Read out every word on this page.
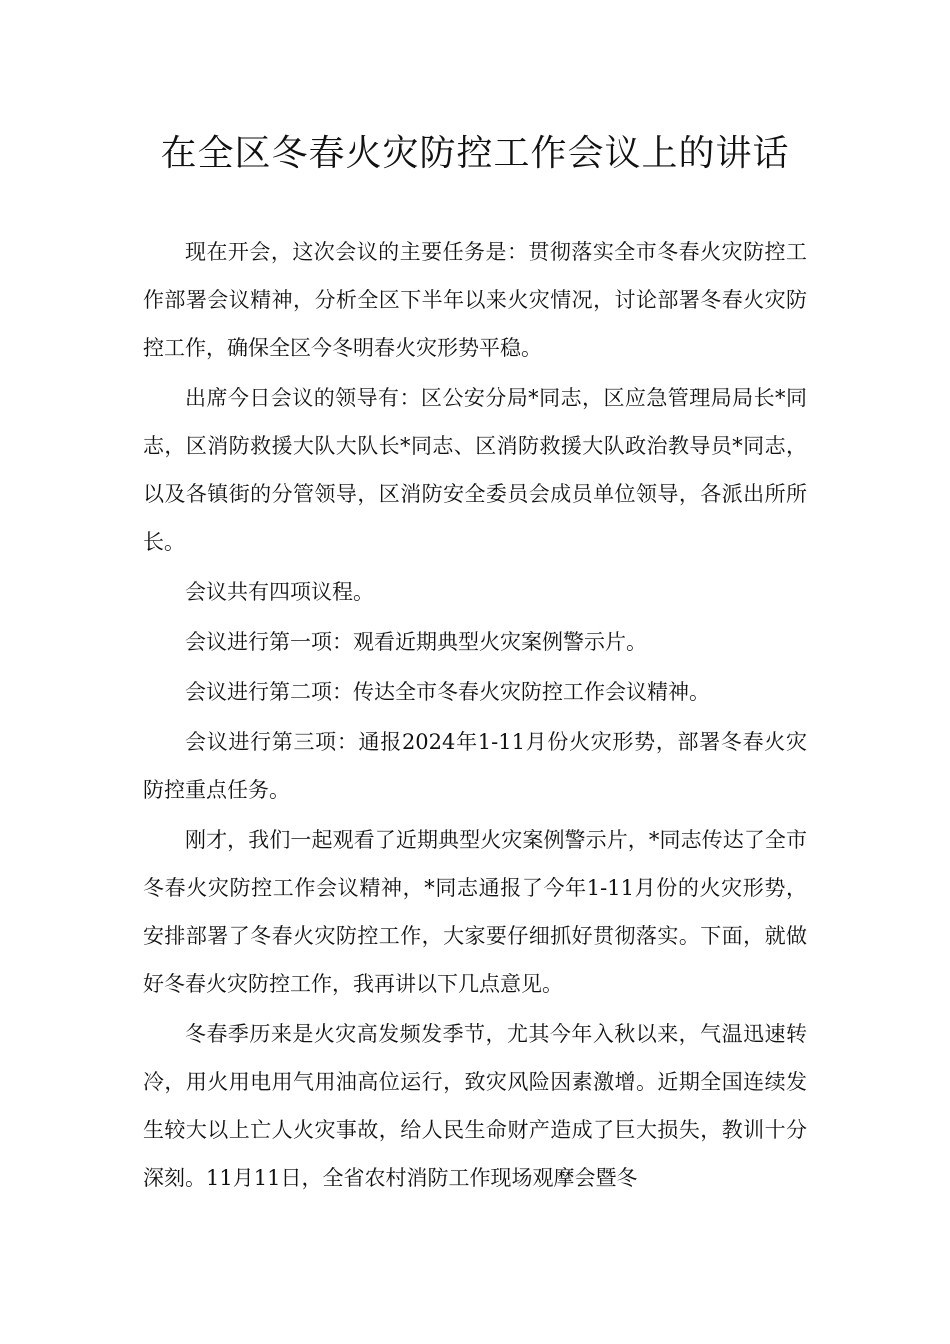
在全区冬春火灾防控工作会议上的讲话

现在开会，这次会议的主要任务是：贯彻落实全市冬春火灾防控工作部署会议精神，分析全区下半年以来火灾情况，讨论部署冬春火灾防控工作，确保全区今冬明春火灾形势平稳。

出席今日会议的领导有：区公安分局*同志，区应急管理局局长*同志，区消防救援大队大队长*同志、区消防救援大队政治教导员*同志，以及各镇街的分管领导，区消防安全委员会成员单位领导，各派出所所长。

会议共有四项议程。

会议进行第一项：观看近期典型火灾案例警示片。

会议进行第二项：传达全市冬春火灾防控工作会议精神。

会议进行第三项：通报2024年1-11月份火灾形势，部署冬春火灾防控重点任务。

刚才，我们一起观看了近期典型火灾案例警示片，*同志传达了全市冬春火灾防控工作会议精神，*同志通报了今年1-11月份的火灾形势，安排部署了冬春火灾防控工作，大家要仔细抓好贯彻落实。下面，就做好冬春火灾防控工作，我再讲以下几点意见。

冬春季历来是火灾高发频发季节，尤其今年入秋以来，气温迅速转冷，用火用电用气用油高位运行，致灾风险因素激增。近期全国连续发生较大以上亡人火灾事故，给人民生命财产造成了巨大损失，教训十分深刻。11月11日，全省农村消防工作现场观摩会暨冬
